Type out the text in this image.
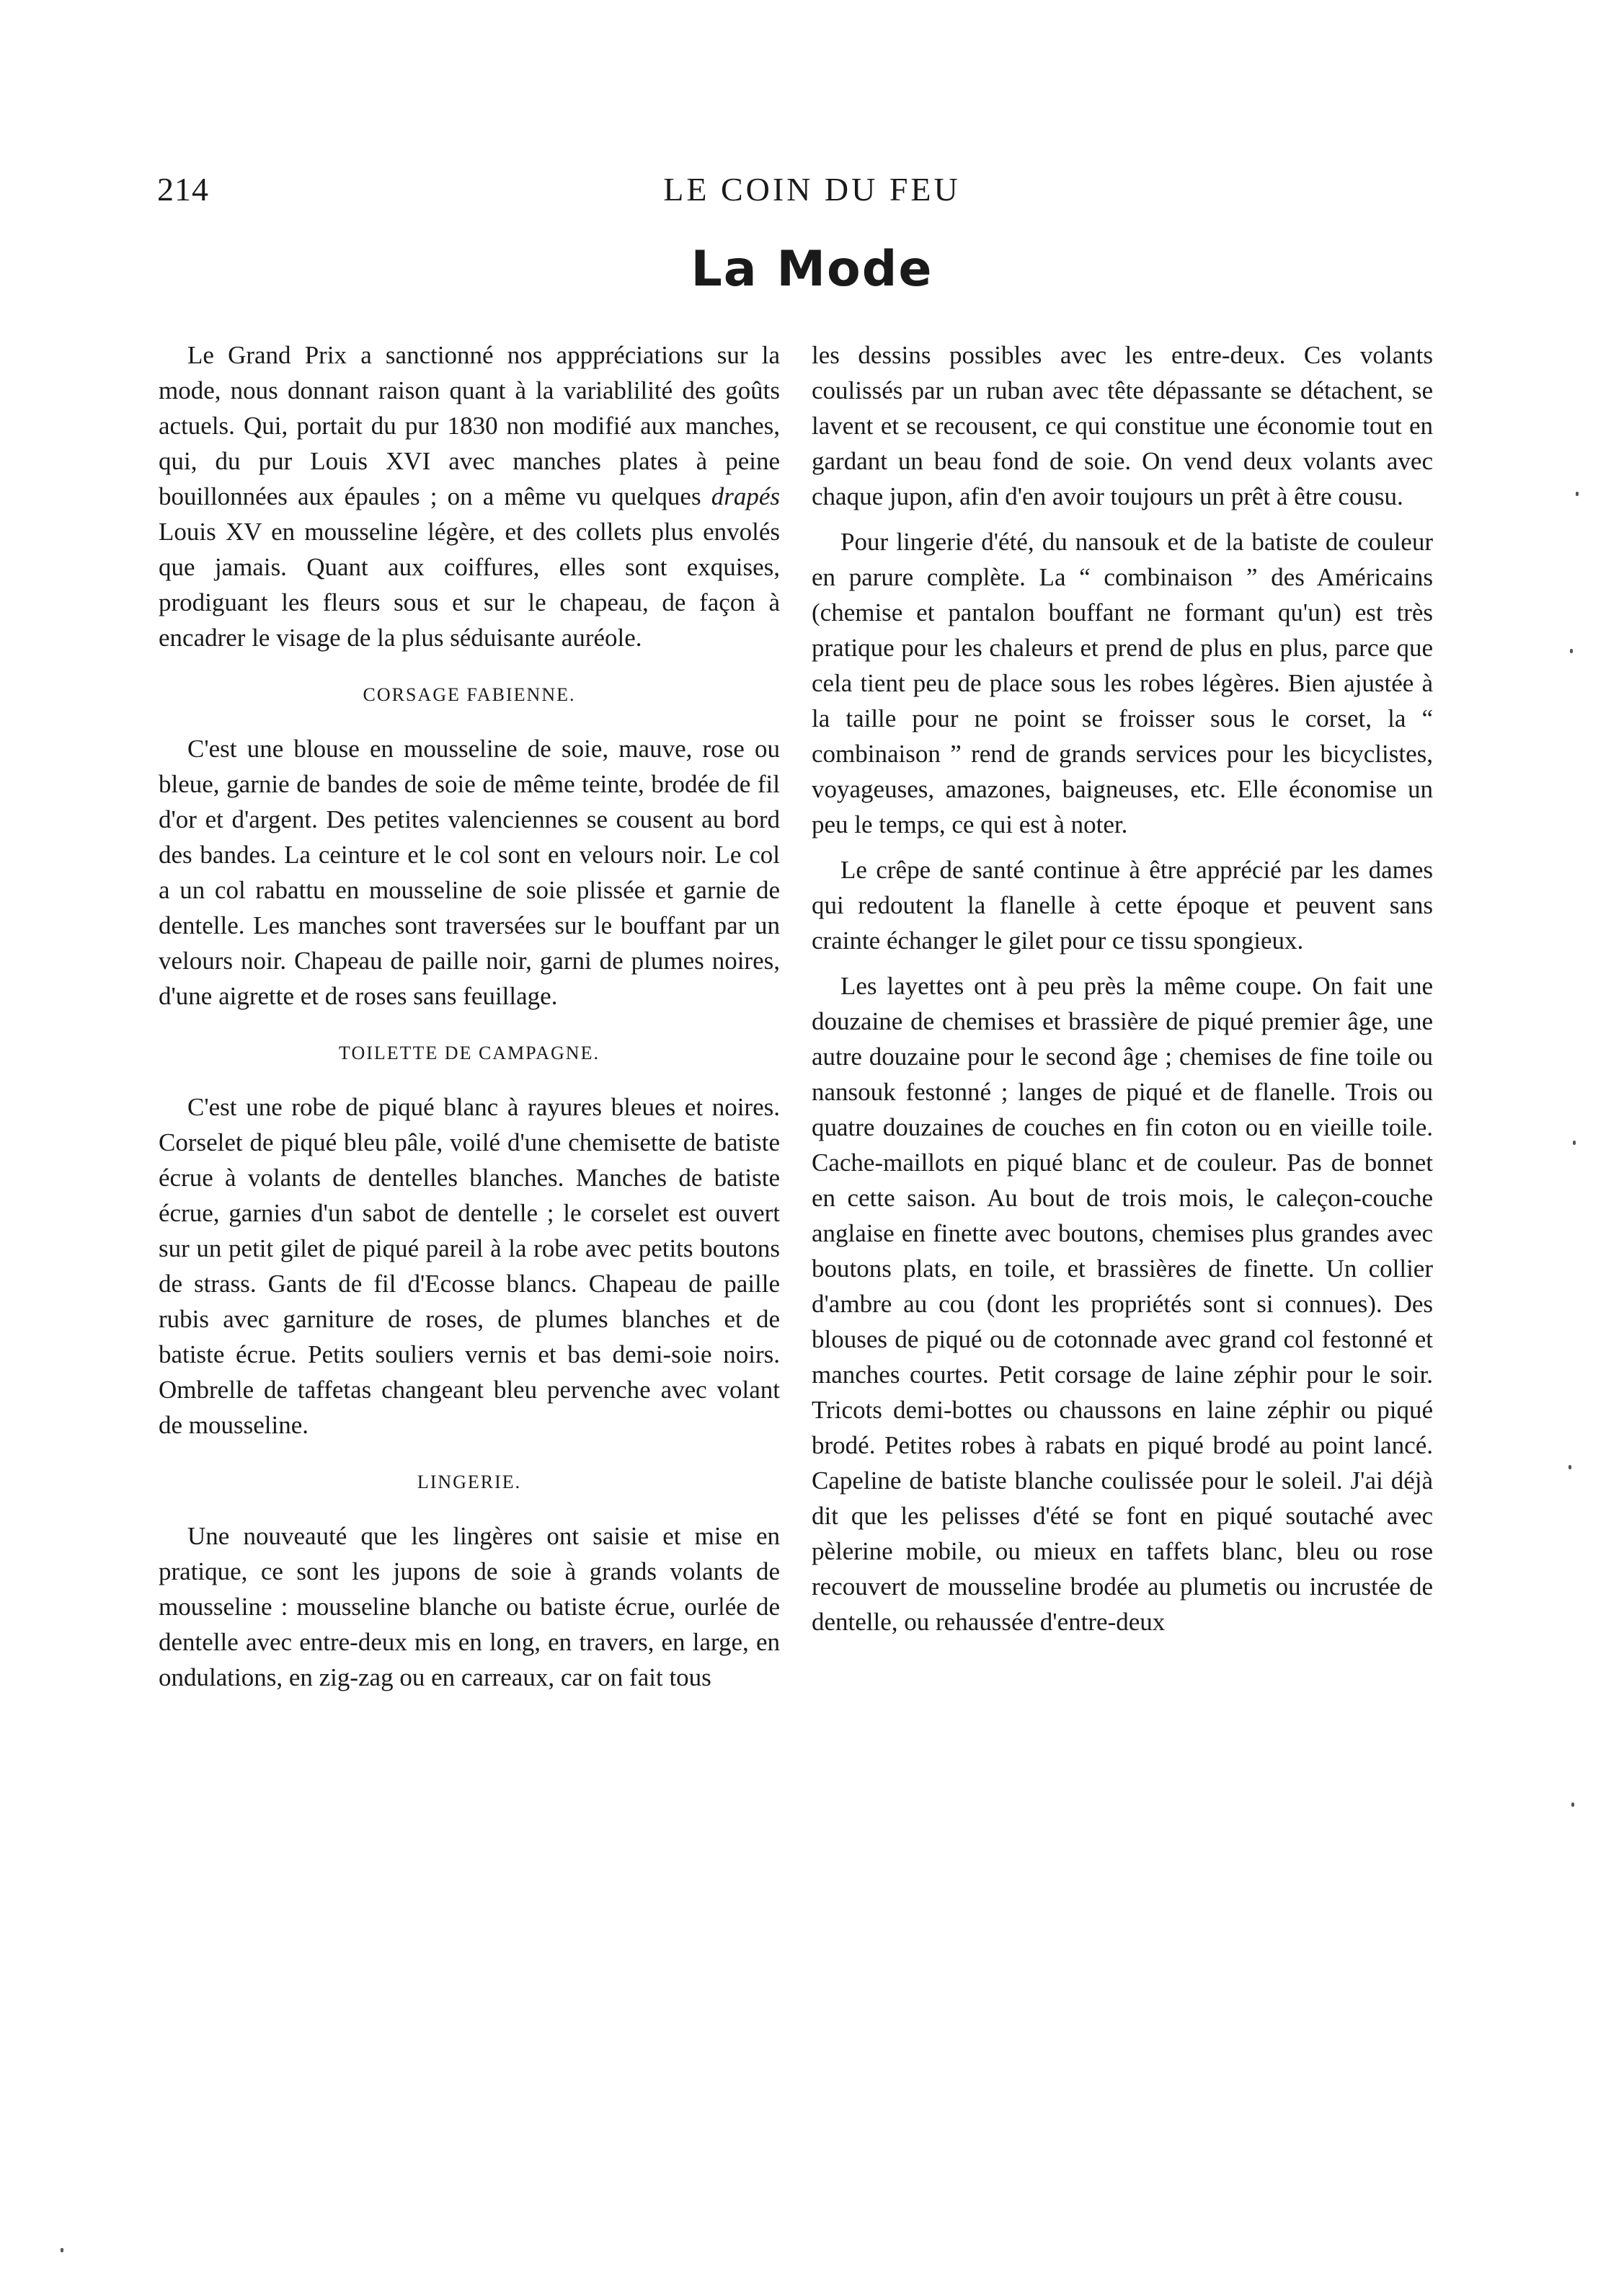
214	LE COIN DU FEU
La Mode

Le Grand Prix a sanctionné nos apppréciations sur la mode, nous donnant raison quant à la variablilité des goûts actuels. Qui, portait du pur 1830 non modifié aux manches, qui, du pur Louis XVI avec manches plates à peine bouillonnées aux épaules ; on a même vu quelques drapés Louis XV en mousseline légère, et des collets plus envolés que jamais. Quant aux coiffures, elles sont exquises, prodiguant les fleurs sous et sur le chapeau, de façon à encadrer le visage de la plus séduisante auréole.

CORSAGE FABIENNE.

C'est une blouse en mousseline de soie, mauve, rose ou bleue, garnie de bandes de soie de même teinte, brodée de fil d'or et d'argent. Des petites valenciennes se cousent au bord des bandes. La ceinture et le col sont en velours noir. Le col a un col rabattu en mousseline de soie plissée et garnie de dentelle. Les manches sont traversées sur le bouffant par un velours noir. Chapeau de paille noir, garni de plumes noires, d'une aigrette et de roses sans feuillage.

TOILETTE DE CAMPAGNE.

C'est une robe de piqué blanc à rayures bleues et noires. Corselet de piqué bleu pâle, voilé d'une chemisette de batiste écrue à volants de dentelles blanches. Manches de batiste écrue, garnies d'un sabot de dentelle ; le corselet est ouvert sur un petit gilet de piqué pareil à la robe avec petits boutons de strass. Gants de fil d'Ecosse blancs. Chapeau de paille rubis avec garniture de roses, de plumes blanches et de batiste écrue. Petits souliers vernis et bas demi-soie noirs. Ombrelle de taffetas changeant bleu pervenche avec volant de mousseline.

LINGERIE.

Une nouveauté que les lingères ont saisie et mise en pratique, ce sont les jupons de soie à grands volants de mousseline : mousseline blanche ou batiste écrue, ourlée de dentelle avec entre-deux mis en long, en travers, en large, en ondulations, en zig-zag ou en carreaux, car on fait tous

les dessins possibles avec les entre-deux. Ces volants coulissés par un ruban avec tête dépassante se détachent, se lavent et se recousent, ce qui constitue une économie tout en gardant un beau fond de soie. On vend deux volants avec chaque jupon, afin d'en avoir toujours un prêt à être cousu.

Pour lingerie d'été, du nansouk et de la batiste de couleur en parure complète. La “ combinaison ” des Américains (chemise et pantalon bouffant ne formant qu'un) est très pratique pour les chaleurs et prend de plus en plus, parce que cela tient peu de place sous les robes légères. Bien ajustée à la taille pour ne point se froisser sous le corset, la “ combinaison ” rend de grands services pour les bicyclistes, voyageuses, amazones, baigneuses, etc. Elle économise un peu le temps, ce qui est à noter.

Le crêpe de santé continue à être apprécié par les dames qui redoutent la flanelle à cette époque et peuvent sans crainte échanger le gilet pour ce tissu spongieux.

Les layettes ont à peu près la même coupe. On fait une douzaine de chemises et brassière de piqué premier âge, une autre douzaine pour le second âge ; chemises de fine toile ou nansouk festonné ; langes de piqué et de flanelle. Trois ou quatre douzaines de couches en fin coton ou en vieille toile. Cache-maillots en piqué blanc et de couleur. Pas de bonnet en cette saison. Au bout de trois mois, le caleçon-couche anglaise en finette avec boutons, chemises plus grandes avec boutons plats, en toile, et brassières de finette. Un collier d'ambre au cou (dont les propriétés sont si connues). Des blouses de piqué ou de cotonnade avec grand col festonné et manches courtes. Petit corsage de laine zéphir pour le soir. Tricots demi-bottes ou chaussons en laine zéphir ou piqué brodé. Petites robes à rabats en piqué brodé au point lancé. Capeline de batiste blanche coulissée pour le soleil. J'ai déjà dit que les pelisses d'été se font en piqué soutaché avec pèlerine mobile, ou mieux en taffets blanc, bleu ou rose recouvert de mousseline brodée au plumetis ou incrustée de dentelle, ou rehaussée d'entre-deux
